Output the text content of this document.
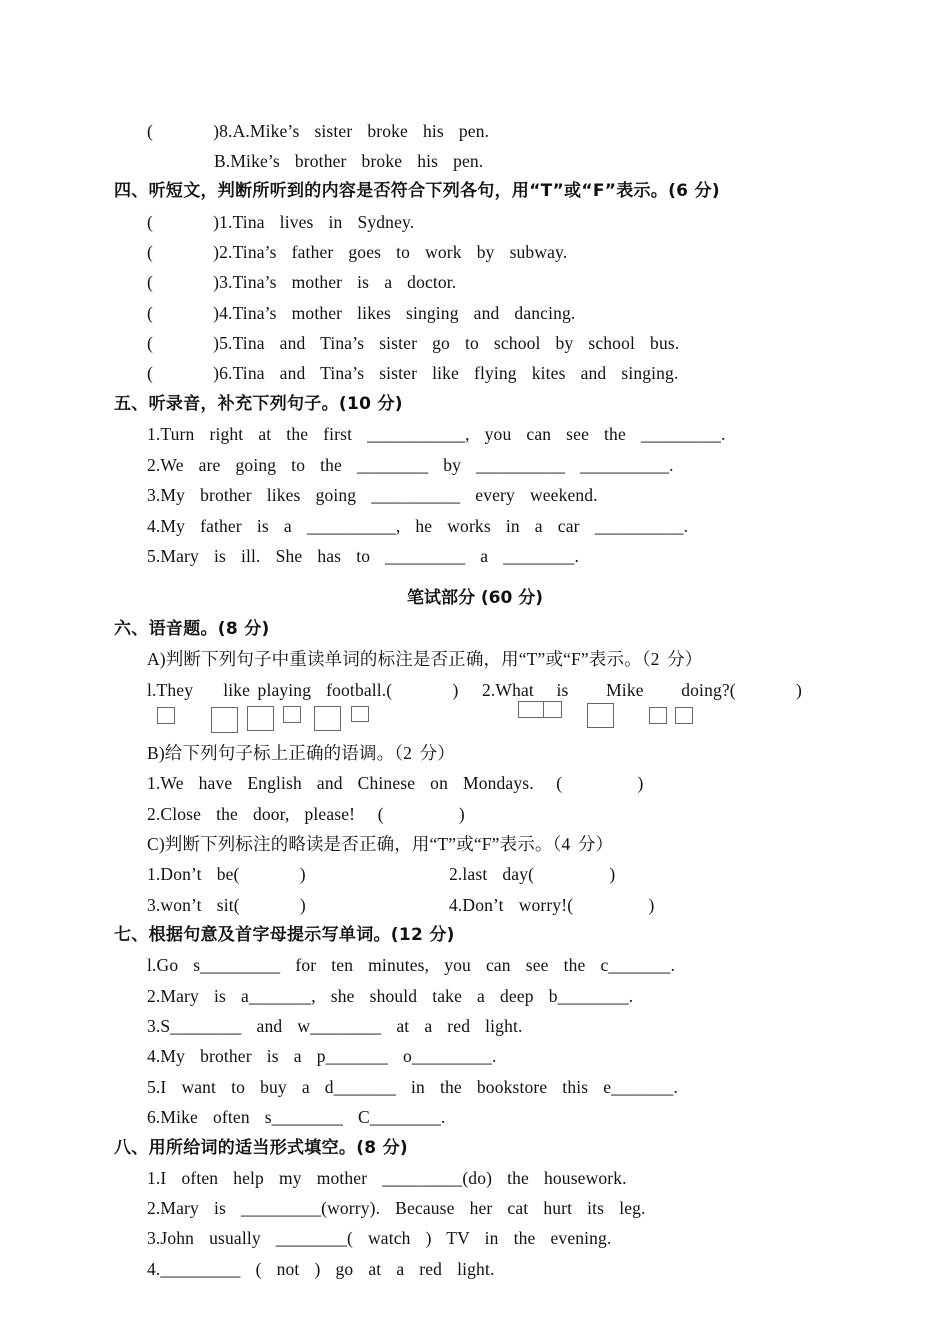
(        )8.A.Mike’s  sister  broke  his  pen.
B.Mike’s  brother  broke  his  pen.
四、听短文，判断所听到的内容是否符合下列各句，用“T”或“F”表示。(6 分)
(        )1.Tina  lives  in  Sydney.
(        )2.Tina’s  father  goes  to  work  by  subway.
(        )3.Tina’s  mother  is  a  doctor.
(        )4.Tina’s  mother  likes  singing  and  dancing.
(        )5.Tina  and  Tina’s  sister  go  to  school  by  school  bus.
(        )6.Tina  and  Tina’s  sister  like  flying  kites  and  singing.
五、听录音，补充下列句子。(10 分)
1.Turn  right  at  the  first  ___________,  you  can  see  the  _________.
2.We  are  going  to  the  ________  by  __________  __________.
3.My  brother  likes  going  __________  every  weekend.
4.My  father  is  a  __________,  he  works  in  a  car  __________.
5.Mary  is  ill.  She  has  to  _________  a  ________.
笔试部分 (60 分)
六、语音题。(8 分)
A)判断下列句子中重读单词的标注是否正确，用“T”或“F”表示。（2 分）
l.They    like playing  football.(        ) 2.What   is     Mike     doing?(        )
B)给下列句子标上正确的语调。（2 分）
1.We  have  English  and  Chinese  on  Mondays.   (          )
2.Close  the  door,  please!   (          )
C)判断下列标注的略读是否正确，用“T”或“F”表示。（4 分）
1.Don’t  be(        )	2.last  day(          )
3.won’t  sit(        )	4.Don’t  worry!(          )
七、根据句意及首字母提示写单词。(12 分)
l.Go  s_________  for  ten  minutes,  you  can  see  the  c_______.
2.Mary  is  a_______,  she  should  take  a  deep  b________.
3.S________  and  w________  at  a  red  light.
4.My  brother  is  a  p_______  o_________.
5.I  want  to  buy  a  d_______  in  the  bookstore  this  e_______.
6.Mike  often  s________  C________.
八、用所给词的适当形式填空。(8 分)
1.I  often  help  my  mother  _________(do)  the  housework.
2.Mary  is  _________(worry).  Because  her  cat  hurt  its  leg.
3.John  usually  ________(  watch  )  TV  in  the  evening.
4._________  (  not  )  go  at  a  red  light.
